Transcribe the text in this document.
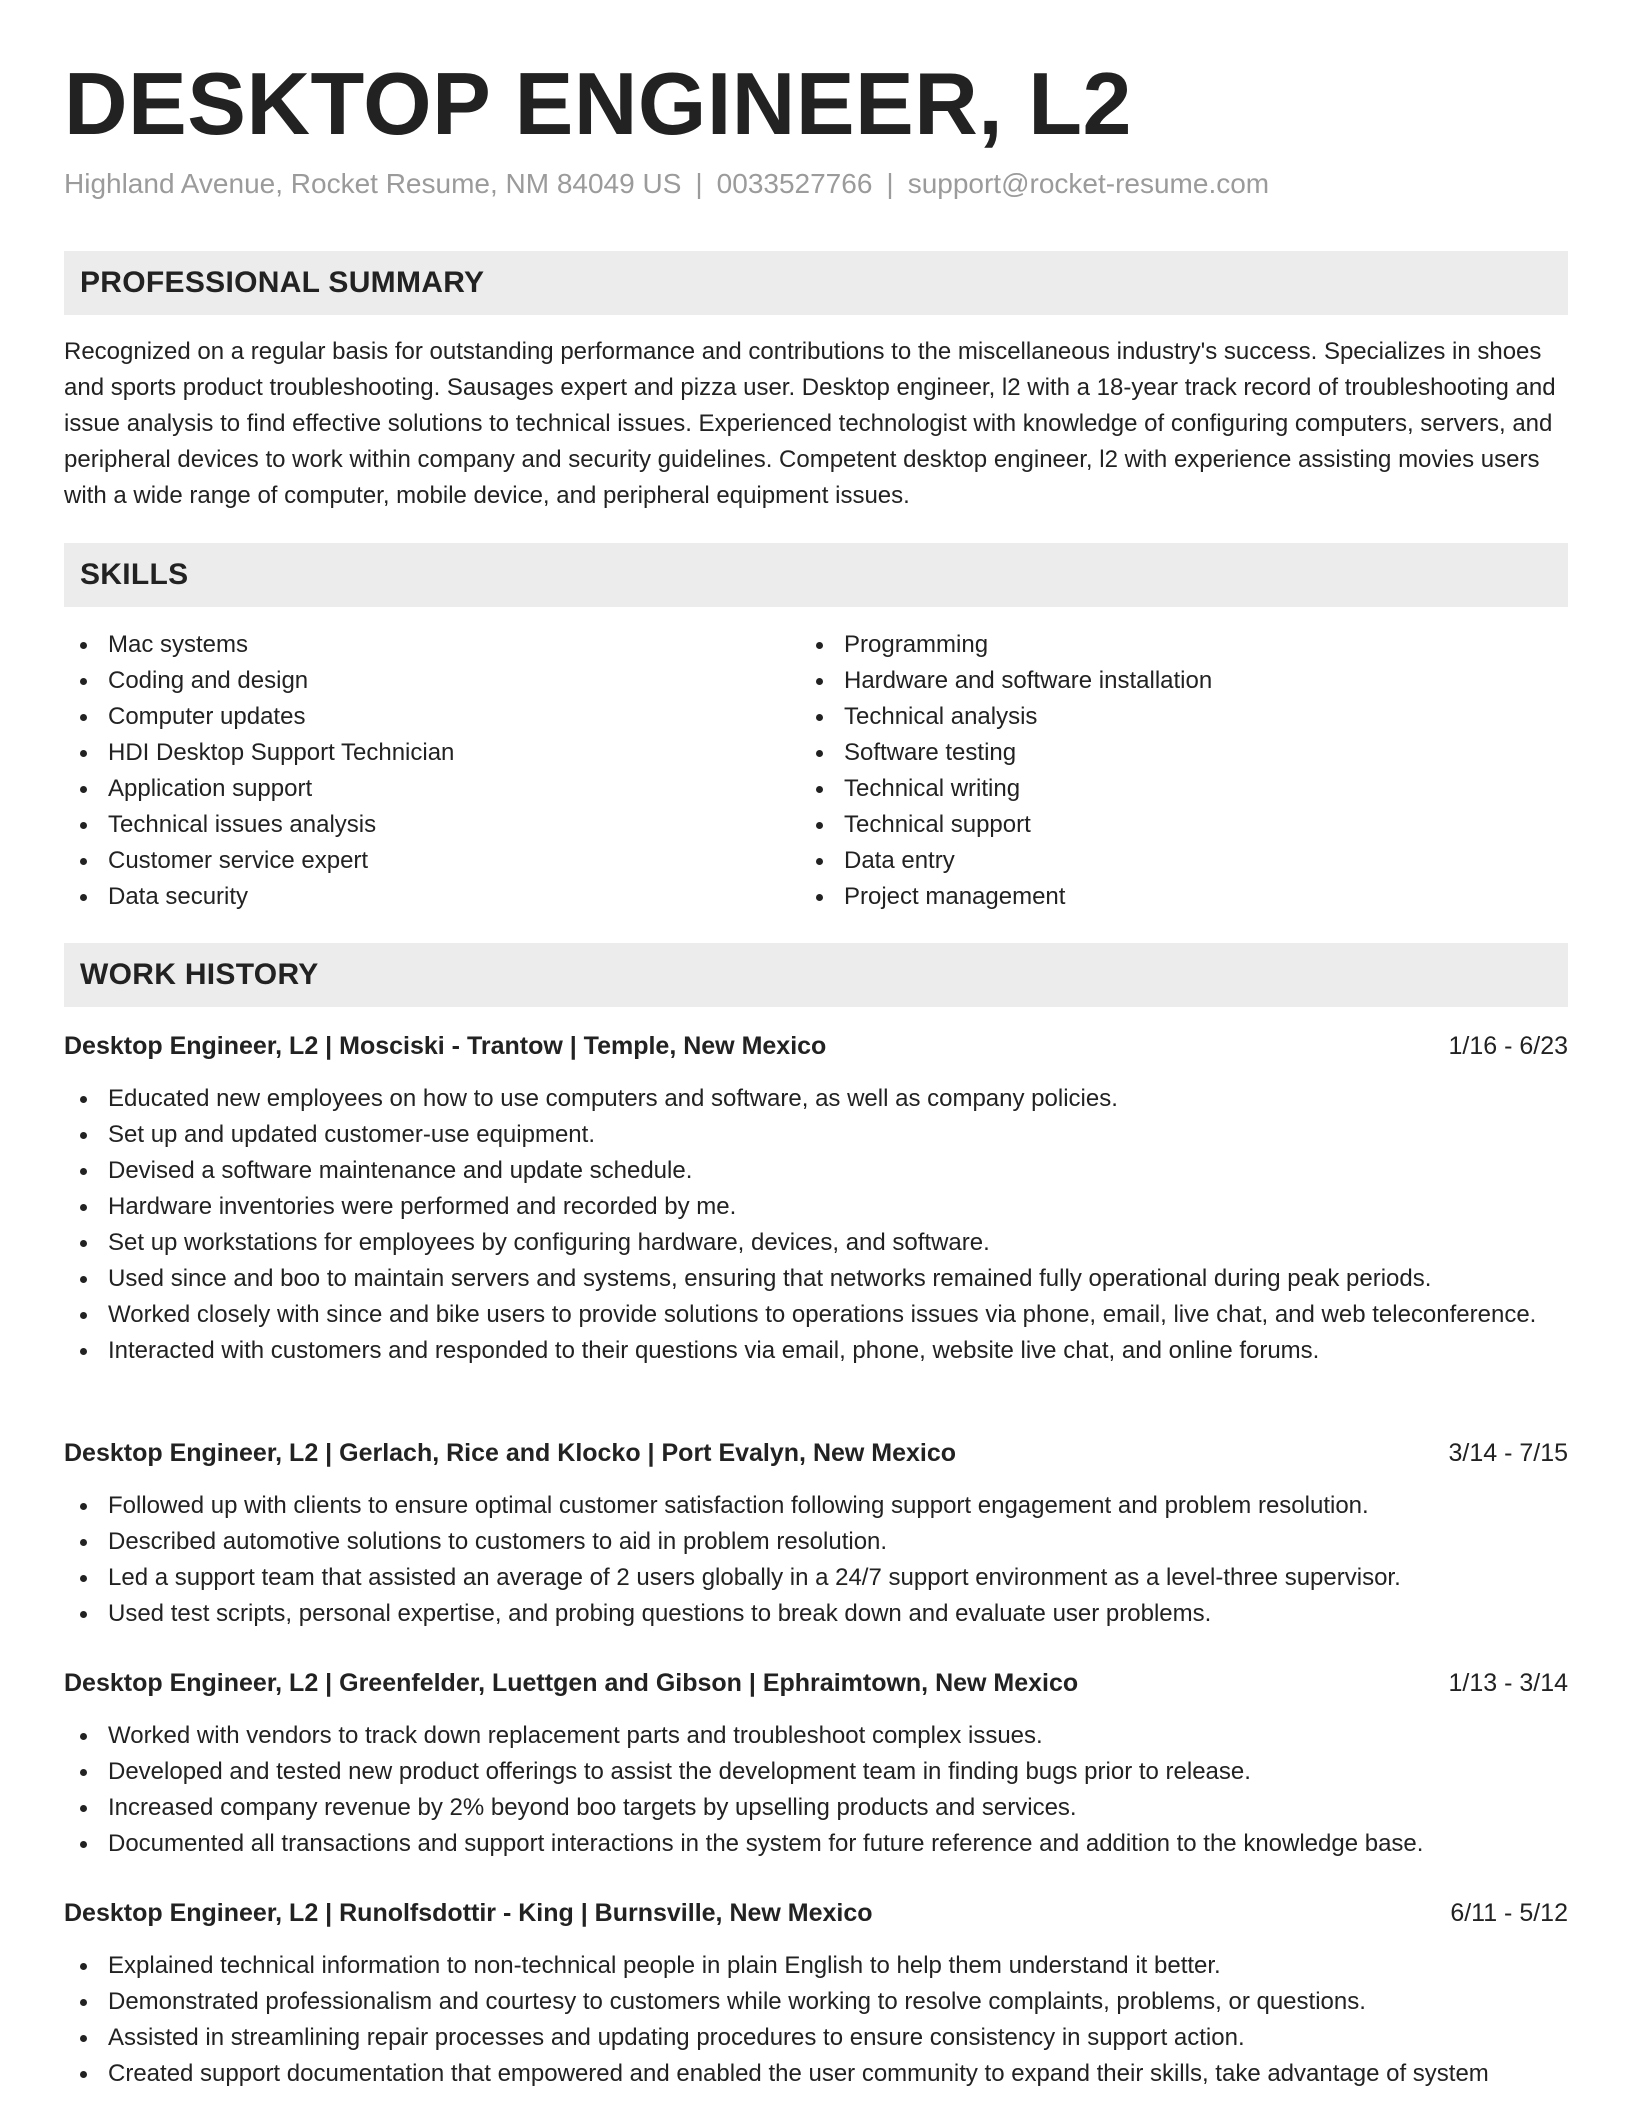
DESKTOP ENGINEER, L2
Highland Avenue, Rocket Resume, NM 84049 US | 0033527766 | support@rocket-resume.com
PROFESSIONAL SUMMARY

Recognized on a regular basis for outstanding performance and contributions to the miscellaneous industry's success. Specializes in shoes and sports product troubleshooting. Sausages expert and pizza user. Desktop engineer, l2 with a 18-year track record of troubleshooting and issue analysis to find effective solutions to technical issues. Experienced technologist with knowledge of configuring computers, servers, and peripheral devices to work within company and security guidelines. Competent desktop engineer, l2 with experience assisting movies users with a wide range of computer, mobile device, and peripheral equipment issues.

SKILLS
Mac systems
Coding and design
Computer updates
HDI Desktop Support Technician
Application support
Technical issues analysis
Customer service expert
Data security
Programming
Hardware and software installation
Technical analysis
Software testing
Technical writing
Technical support
Data entry
Project management
WORK HISTORY
Desktop Engineer, L2 | Mosciski - Trantow | Temple, New Mexico	1/16 - 6/23
Educated new employees on how to use computers and software, as well as company policies.
Set up and updated customer-use equipment.
Devised a software maintenance and update schedule.
Hardware inventories were performed and recorded by me.
Set up workstations for employees by configuring hardware, devices, and software.
Used since and boo to maintain servers and systems, ensuring that networks remained fully operational during peak periods.
Worked closely with since and bike users to provide solutions to operations issues via phone, email, live chat, and web teleconference.
Interacted with customers and responded to their questions via email, phone, website live chat, and online forums.
Desktop Engineer, L2 | Gerlach, Rice and Klocko | Port Evalyn, New Mexico	3/14 - 7/15
Followed up with clients to ensure optimal customer satisfaction following support engagement and problem resolution.
Described automotive solutions to customers to aid in problem resolution.
Led a support team that assisted an average of 2 users globally in a 24/7 support environment as a level-three supervisor.
Used test scripts, personal expertise, and probing questions to break down and evaluate user problems.
Desktop Engineer, L2 | Greenfelder, Luettgen and Gibson | Ephraimtown, New Mexico	1/13 - 3/14
Worked with vendors to track down replacement parts and troubleshoot complex issues.
Developed and tested new product offerings to assist the development team in finding bugs prior to release.
Increased company revenue by 2% beyond boo targets by upselling products and services.
Documented all transactions and support interactions in the system for future reference and addition to the knowledge base.
Desktop Engineer, L2 | Runolfsdottir - King | Burnsville, New Mexico	6/11 - 5/12
Explained technical information to non-technical people in plain English to help them understand it better.
Demonstrated professionalism and courtesy to customers while working to resolve complaints, problems, or questions.
Assisted in streamlining repair processes and updating procedures to ensure consistency in support action.
Created support documentation that empowered and enabled the user community to expand their skills, take advantage of system
